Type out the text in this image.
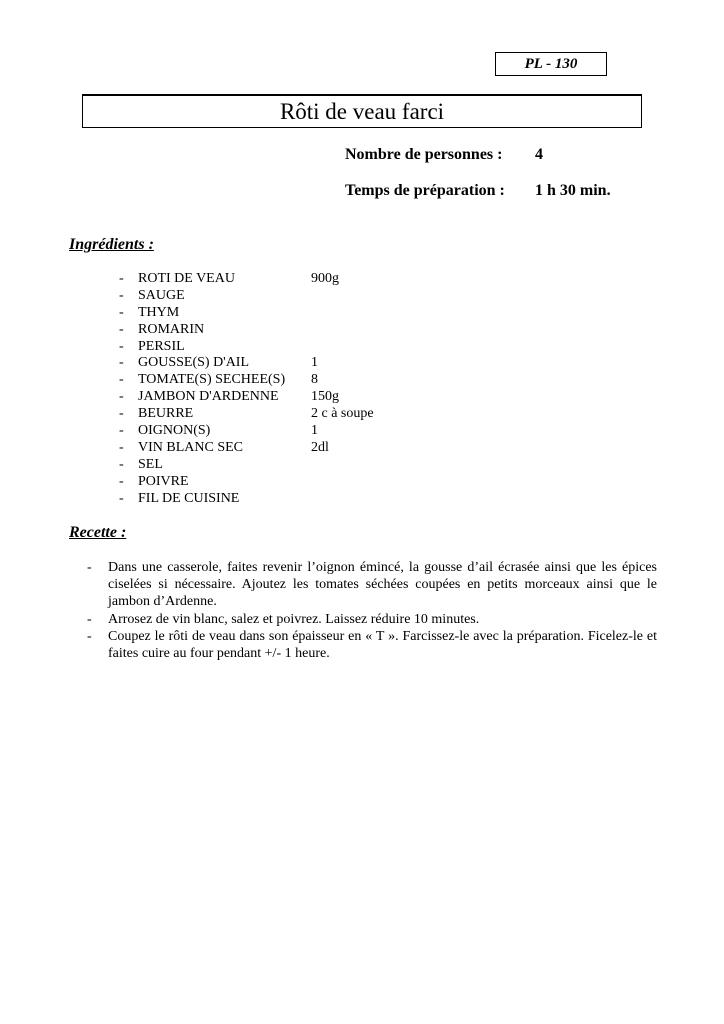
PL - 130
Rôti de veau farci
Nombre de personnes : 4
Temps de préparation : 1 h 30 min.
Ingrédients :
- ROTI DE VEAU	900g
- SAUGE
- THYM
- ROMARIN
- PERSIL
- GOUSSE(S) D'AIL	1
- TOMATE(S) SECHEE(S) 8
- JAMBON D'ARDENNE 150g
- BEURRE	2 c à soupe
- OIGNON(S)	1
- VIN BLANC SEC	2dl
- SEL
- POIVRE
- FIL DE CUISINE
Recette :
- Dans une casserole, faites revenir l’oignon émincé, la gousse d’ail écrasée ainsi que les épices ciselées si nécessaire. Ajoutez les tomates séchées coupées en petits morceaux ainsi que le jambon d’Ardenne.
- Arrosez de vin blanc, salez et poivrez. Laissez réduire 10 minutes.
- Coupez le rôti de veau dans son épaisseur en « T ». Farcissez-le avec la préparation. Ficelez-le et faites cuire au four pendant +/- 1 heure.
